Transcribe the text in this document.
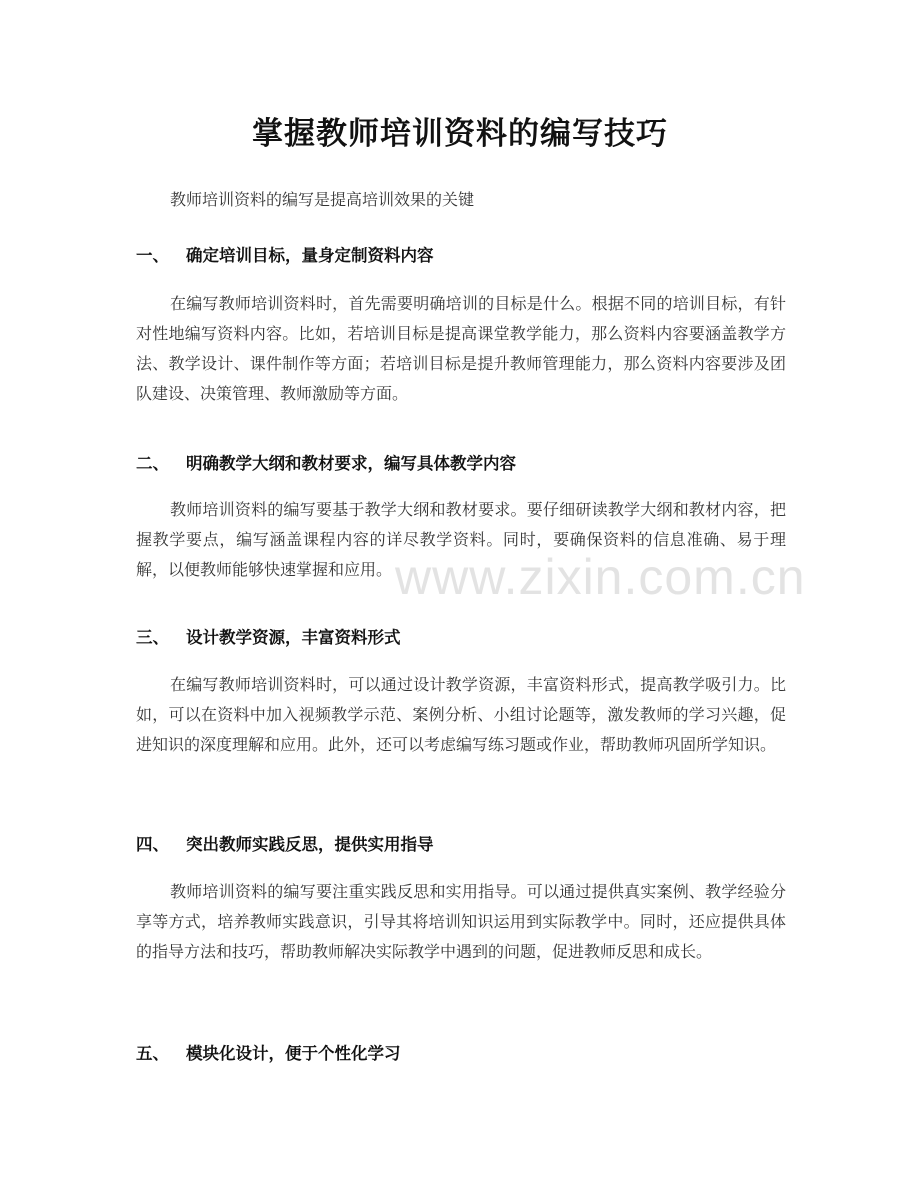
www.zixin.com.cn
掌握教师培训资料的编写技巧
教师培训资料的编写是提高培训效果的关键
一、 确定培训目标，量身定制资料内容
在编写教师培训资料时，首先需要明确培训的目标是什么。根据不同的培训目标，有针对性地编写资料内容。比如，若培训目标是提高课堂教学能力，那么资料内容要涵盖教学方法、教学设计、课件制作等方面；若培训目标是提升教师管理能力，那么资料内容要涉及团队建设、决策管理、教师激励等方面。
二、 明确教学大纲和教材要求，编写具体教学内容
教师培训资料的编写要基于教学大纲和教材要求。要仔细研读教学大纲和教材内容，把握教学要点，编写涵盖课程内容的详尽教学资料。同时，要确保资料的信息准确、易于理解，以便教师能够快速掌握和应用。
三、 设计教学资源，丰富资料形式
在编写教师培训资料时，可以通过设计教学资源，丰富资料形式，提高教学吸引力。比如，可以在资料中加入视频教学示范、案例分析、小组讨论题等，激发教师的学习兴趣，促进知识的深度理解和应用。此外，还可以考虑编写练习题或作业，帮助教师巩固所学知识。
四、 突出教师实践反思，提供实用指导
教师培训资料的编写要注重实践反思和实用指导。可以通过提供真实案例、教学经验分享等方式，培养教师实践意识，引导其将培训知识运用到实际教学中。同时，还应提供具体的指导方法和技巧，帮助教师解决实际教学中遇到的问题，促进教师反思和成长。
五、 模块化设计，便于个性化学习
